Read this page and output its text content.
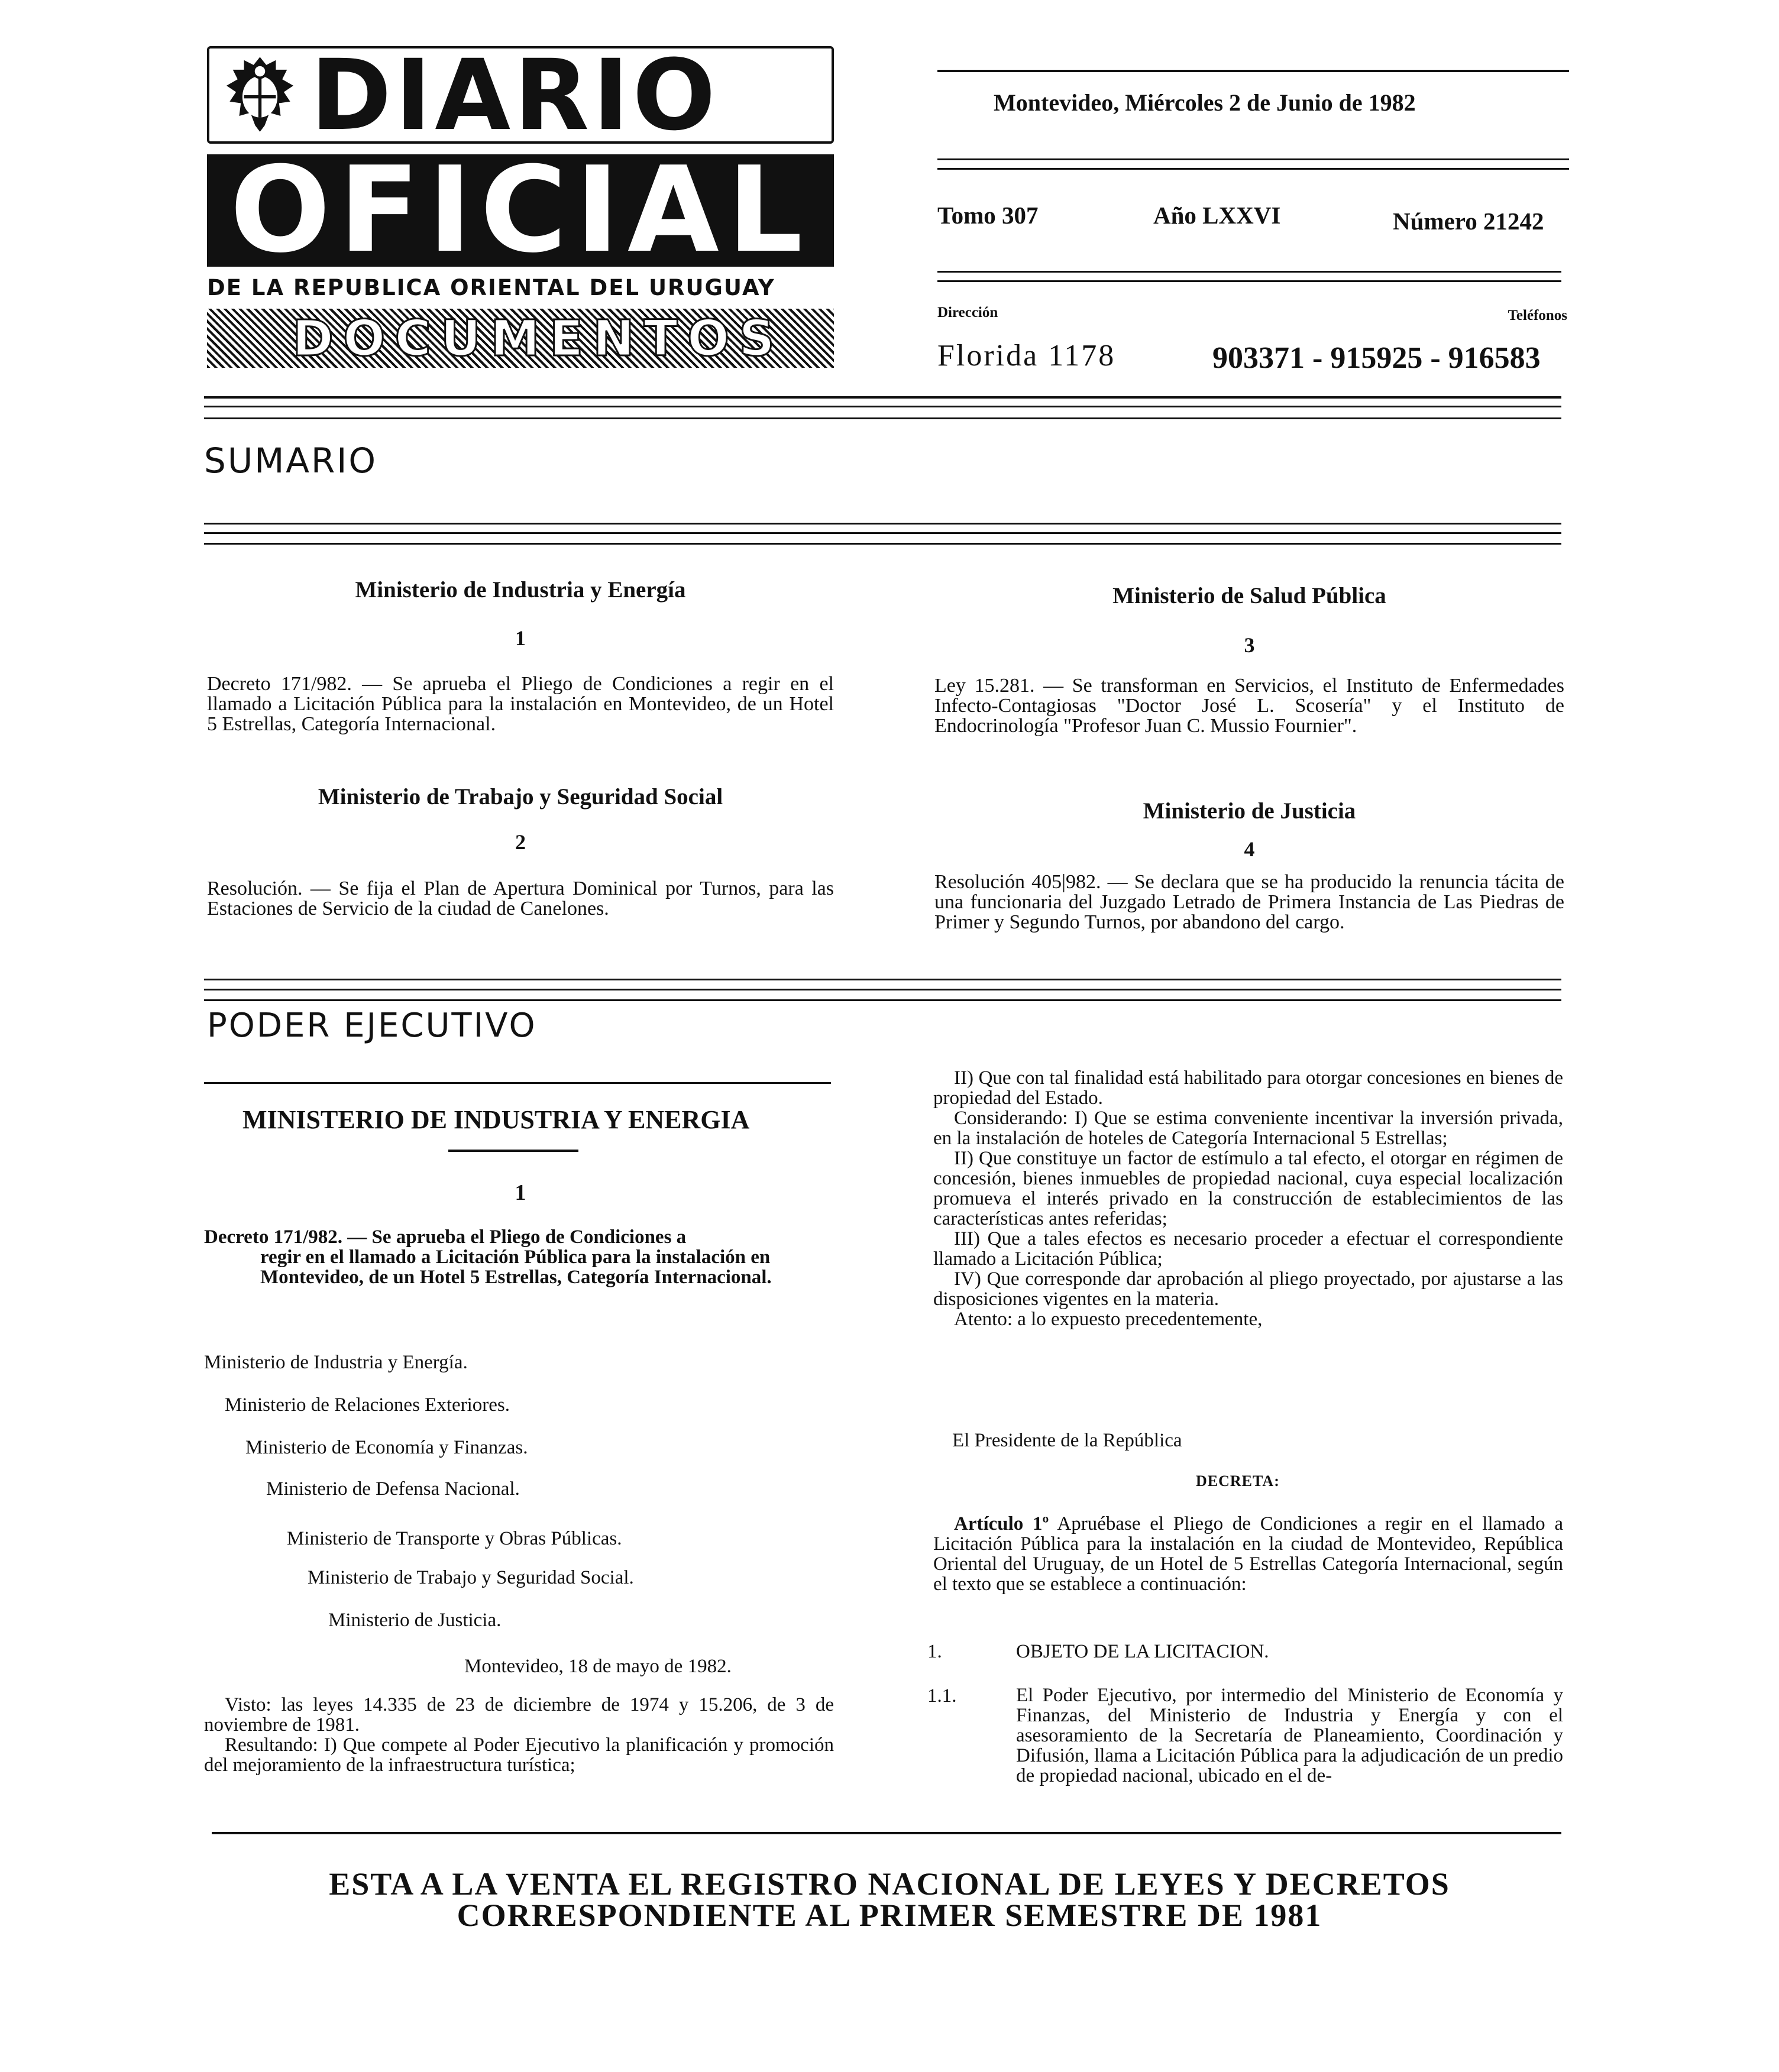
DIARIO
OFICIAL
DE LA REPUBLICA ORIENTAL DEL URUGUAY
DOCUMENTOS
Montevideo, Miércoles 2 de Junio de 1982
Tomo 307	Año LXXVI	Número 21242
Dirección	Teléfonos
Florida 1178	903371 - 915925 - 916583
SUMARIO
Ministerio de Industria y Energía
1
Decreto 171/982. — Se aprueba el Pliego de Condiciones a regir en el llamado a Licitación Pública para la instalación en Montevideo, de un Hotel 5 Estrellas, Categoría Internacional.
Ministerio de Trabajo y Seguridad Social
2
Resolución. — Se fija el Plan de Apertura Dominical por Turnos, para las Estaciones de Servicio de la ciudad de Canelones.
Ministerio de Salud Pública
3
Ley 15.281. — Se transforman en Servicios, el Instituto de Enfermedades Infecto-Contagiosas "Doctor José L. Scosería" y el Instituto de Endocrinología "Profesor Juan C. Mussio Fournier".
Ministerio de Justicia
4
Resolución 405|982. — Se declara que se ha producido la renuncia tácita de una funcionaria del Juzgado Letrado de Primera Instancia de Las Piedras de Primer y Segundo Turnos, por abandono del cargo.
PODER EJECUTIVO
MINISTERIO DE INDUSTRIA Y ENERGIA
1
Decreto 171/982. — Se aprueba el Pliego de Condiciones a
regir en el llamado a Licitación Pública para la instalación en Montevideo, de un Hotel 5 Estrellas, Categoría Internacional.
Ministerio de Industria y Energía.
Ministerio de Relaciones Exteriores.
Ministerio de Economía y Finanzas.
Ministerio de Defensa Nacional.
Ministerio de Transporte y Obras Públicas.
Ministerio de Trabajo y Seguridad Social.
Ministerio de Justicia.
Montevideo, 18 de mayo de 1982.

Visto: las leyes 14.335 de 23 de diciembre de 1974 y 15.206, de 3 de noviembre de 1981.

Resultando: I) Que compete al Poder Ejecutivo la planificación y promoción del mejoramiento de la infraestructura turística;

II) Que con tal finalidad está habilitado para otorgar concesiones en bienes de propiedad del Estado.

Considerando: I) Que se estima conveniente incentivar la inversión privada, en la instalación de hoteles de Categoría Internacional 5 Estrellas;

II) Que constituye un factor de estímulo a tal efecto, el otorgar en régimen de concesión, bienes inmuebles de propiedad nacional, cuya especial localización promueva el interés privado en la construcción de establecimientos de las características antes referidas;

III) Que a tales efectos es necesario proceder a efectuar el correspondiente llamado a Licitación Pública;

IV) Que corresponde dar aprobación al pliego proyectado, por ajustarse a las disposiciones vigentes en la materia.

Atento: a lo expuesto precedentemente,

El Presidente de la República
DECRETA:

Artículo 1º Apruébase el Pliego de Condiciones a regir en el llamado a Licitación Pública para la instalación en la ciudad de Montevideo, República Oriental del Uruguay, de un Hotel de 5 Estrellas Categoría Internacional, según el texto que se establece a continuación:

1.	OBJETO DE LA LICITACION.
1.1.	El Poder Ejecutivo, por intermedio del Ministerio de Economía y Finanzas, del Ministerio de Industria y Energía y con el asesoramiento de la Secretaría de Planeamiento, Coordinación y Difusión, llama a Licitación Pública para la adjudicación de un predio de propiedad nacional, ubicado en el de-
ESTA A LA VENTA EL REGISTRO NACIONAL DE LEYES Y DECRETOS
CORRESPONDIENTE AL PRIMER SEMESTRE DE 1981
